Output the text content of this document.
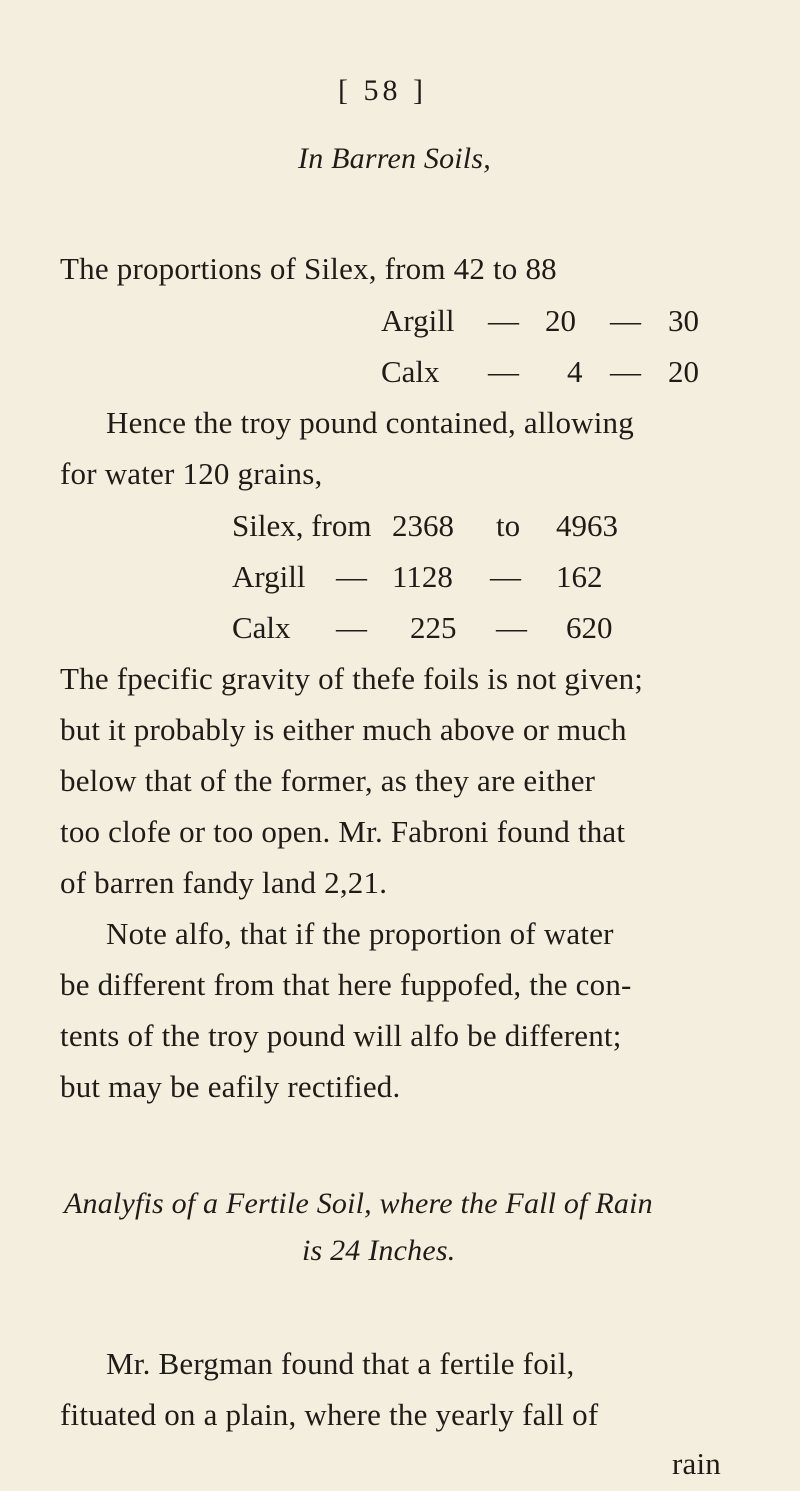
[ 58 ]
In Barren Soils,
The proportions of Silex, from 42 to 88
Argill — 20 — 30
Calx — 4 — 20
Hence the troy pound contained, allowing
for water 120 grains,
Silex, from 2368 to 4963
Argill — 1128 — 162
Calx — 225 — 620
The fpecific gravity of thefe foils is not given;
but it probably is either much above or much
below that of the former, as they are either
too clofe or too open. Mr. Fabroni found that
of barren fandy land 2,21.
Note alfo, that if the proportion of water
be different from that here fuppofed, the con-
tents of the troy pound will alfo be different;
but may be eafily rectified.
Analyfis of a Fertile Soil, where the Fall of Rain
is 24 Inches.
Mr. Bergman found that a fertile foil,
fituated on a plain, where the yearly fall of
rain
